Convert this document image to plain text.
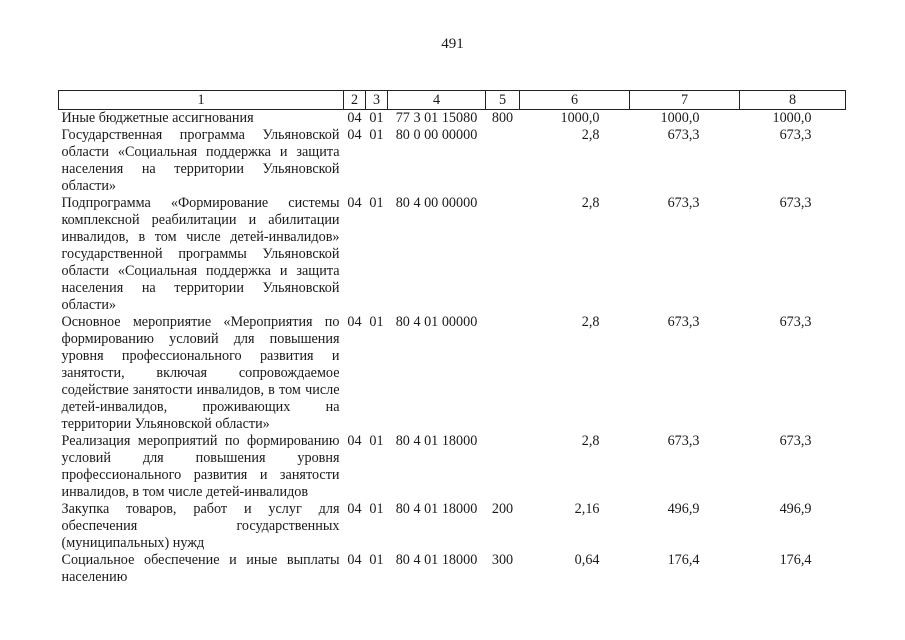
491
1	2	3	4	5	6	7	8
Иные бюджетные ассигнования	04	01	77 3 01 15080	800	1000,0	1000,0	1000,0
Государственная программа Ульяновской области «Социальная поддержка и защита населения на территории Ульяновской области»	04	01	80 0 00 00000		2,8	673,3	673,3
Подпрограмма «Формирование системы комплексной реабилитации и абилитации инвалидов, в том числе детей-инвалидов» государственной программы Ульяновской области «Социальная поддержка и защита населения на территории Ульяновской области»	04	01	80 4 00 00000		2,8	673,3	673,3
Основное мероприятие «Мероприятия по формированию условий для повышения уровня профессионального развития и занятости, включая сопровождаемое содействие занятости инвалидов, в том числе детей-инвалидов, проживающих на территории Ульяновской области»	04	01	80 4 01 00000		2,8	673,3	673,3
Реализация мероприятий по формированию условий для повышения уровня профессионального развития и занятости инвалидов, в том числе детей-инвалидов	04	01	80 4 01 18000		2,8	673,3	673,3
Закупка товаров, работ и услуг для обеспечения государственных (муниципальных) нужд	04	01	80 4 01 18000	200	2,16	496,9	496,9
Социальное обеспечение и иные выплаты населению	04	01	80 4 01 18000	300	0,64	176,4	176,4
